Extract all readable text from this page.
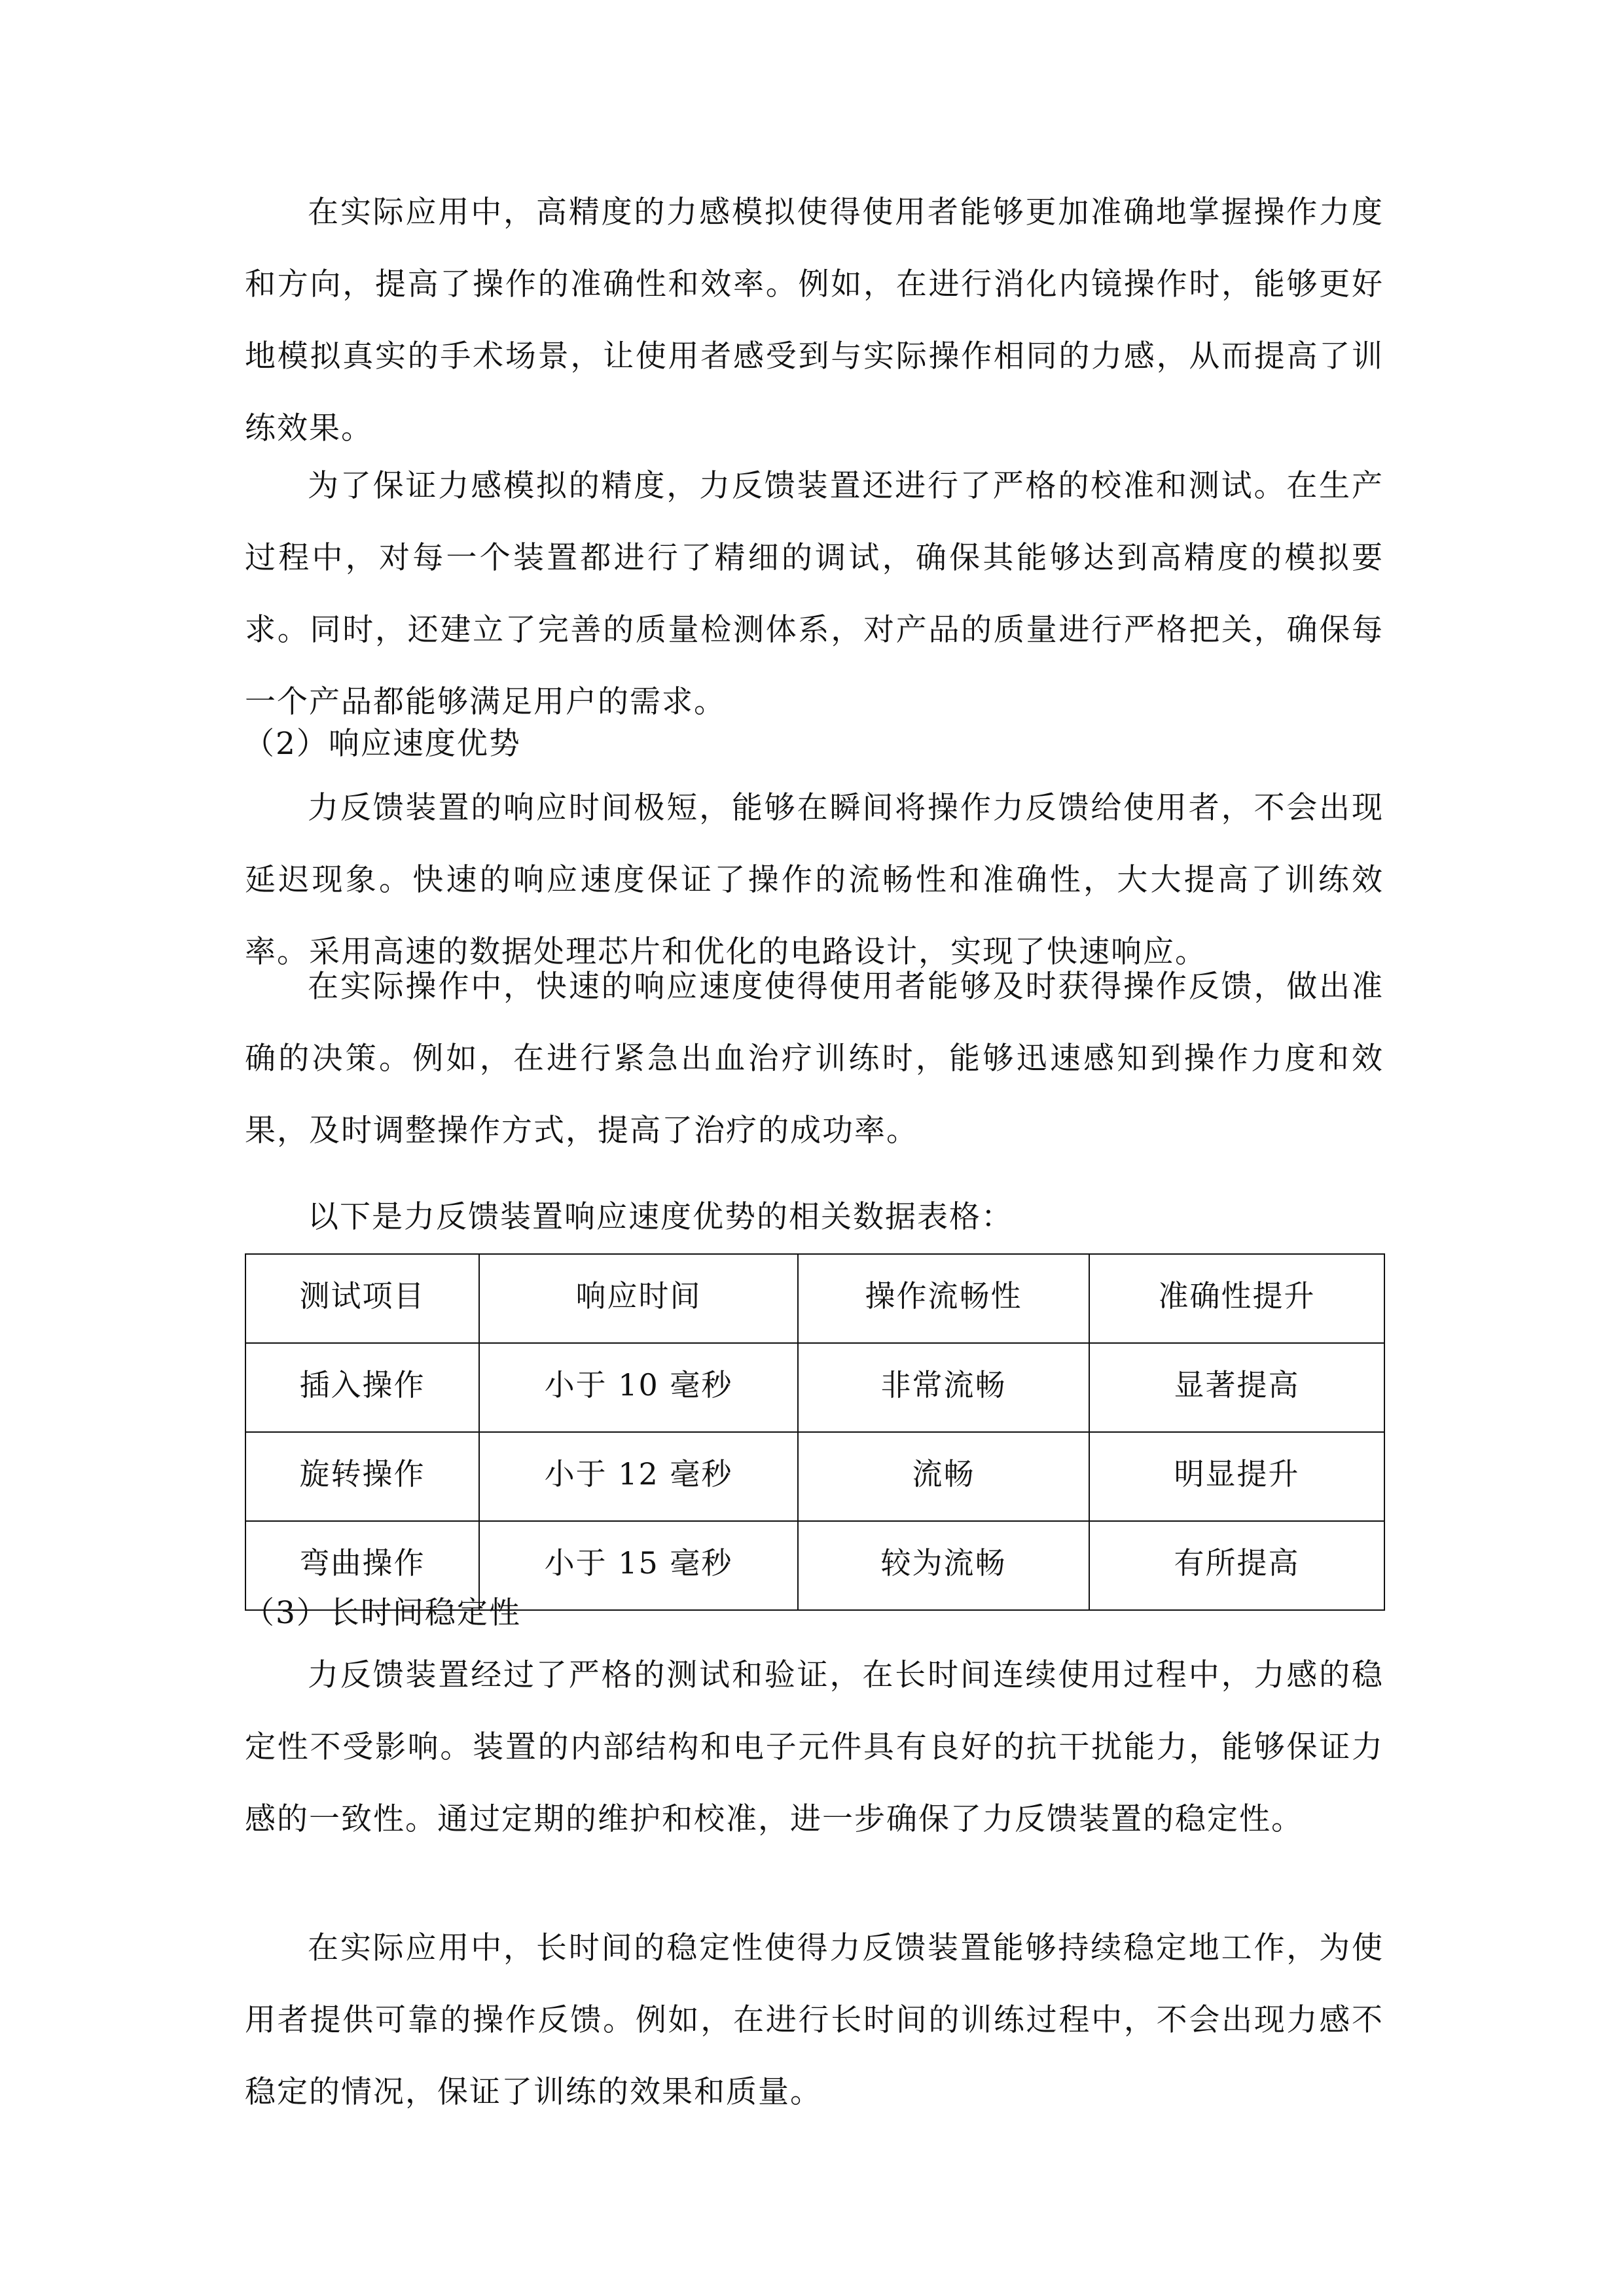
在实际应用中，高精度的力感模拟使得使用者能够更加准确地掌握操作力度和方向，提高了操作的准确性和效率。例如，在进行消化内镜操作时，能够更好地模拟真实的手术场景，让使用者感受到与实际操作相同的力感，从而提高了训练效果。

为了保证力感模拟的精度，力反馈装置还进行了严格的校准和测试。在生产过程中，对每一个装置都进行了精细的调试，确保其能够达到高精度的模拟要求。同时，还建立了完善的质量检测体系，对产品的质量进行严格把关，确保每一个产品都能够满足用户的需求。

（2）响应速度优势

力反馈装置的响应时间极短，能够在瞬间将操作力反馈给使用者，不会出现延迟现象。快速的响应速度保证了操作的流畅性和准确性，大大提高了训练效率。采用高速的数据处理芯片和优化的电路设计，实现了快速响应。

在实际操作中，快速的响应速度使得使用者能够及时获得操作反馈，做出准确的决策。例如，在进行紧急出血治疗训练时，能够迅速感知到操作力度和效果，及时调整操作方式，提高了治疗的成功率。

以下是力反馈装置响应速度优势的相关数据表格：

测试项目	响应时间	操作流畅性	准确性提升
插入操作	小于 10 毫秒	非常流畅	显著提高
旋转操作	小于 12 毫秒	流畅	明显提升
弯曲操作	小于 15 毫秒	较为流畅	有所提高

（3）长时间稳定性

力反馈装置经过了严格的测试和验证，在长时间连续使用过程中，力感的稳定性不受影响。装置的内部结构和电子元件具有良好的抗干扰能力，能够保证力感的一致性。通过定期的维护和校准，进一步确保了力反馈装置的稳定性。

在实际应用中，长时间的稳定性使得力反馈装置能够持续稳定地工作，为使用者提供可靠的操作反馈。例如，在进行长时间的训练过程中，不会出现力感不稳定的情况，保证了训练的效果和质量。
